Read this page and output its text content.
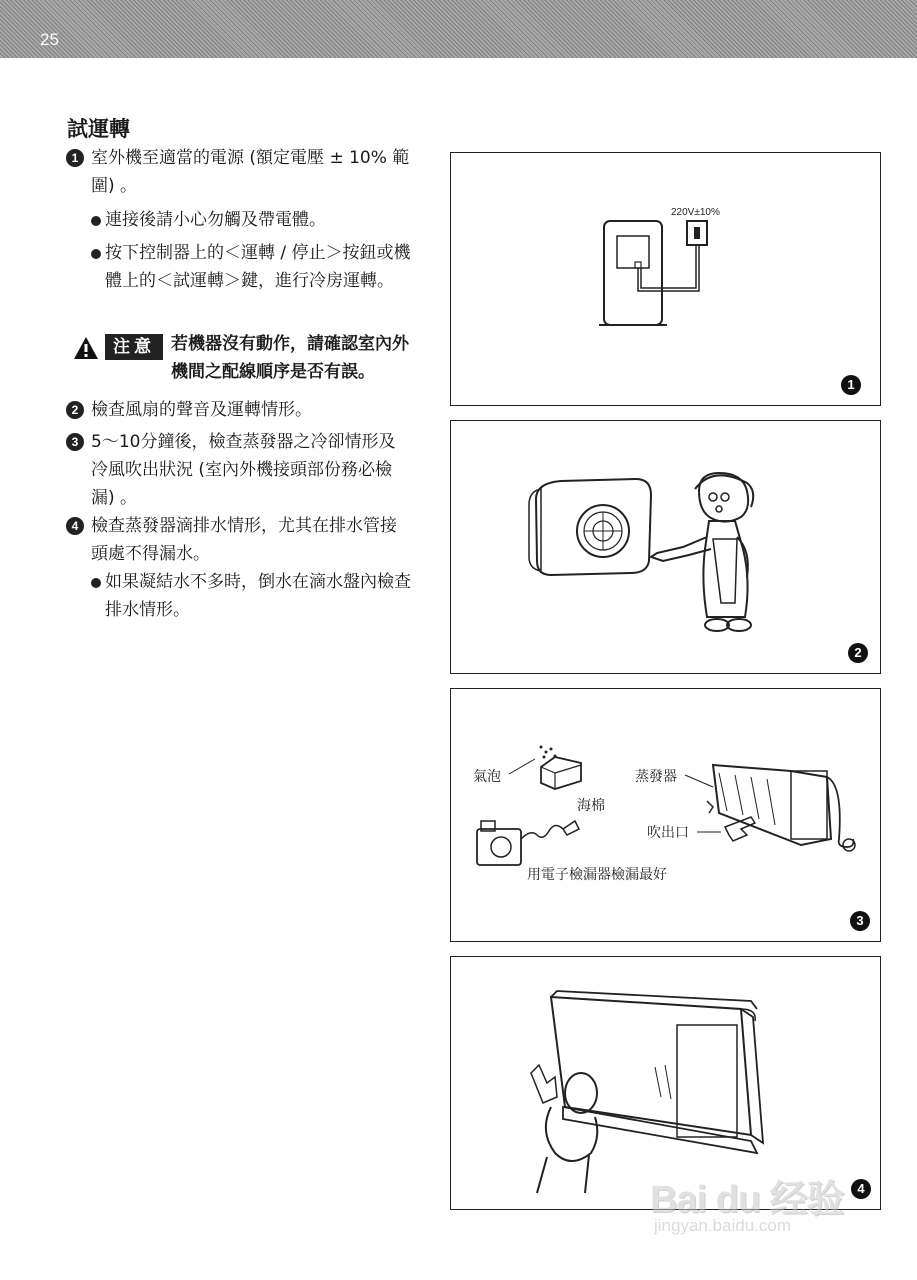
25
試運轉
1 室外機至適當的電源 (額定電壓 ± 10% 範圍) 。
連接後請小心勿觸及帶電體。
按下控制器上的＜運轉 / 停止＞按鈕或機體上的＜試運轉＞鍵，進行冷房運轉。
注意 若機器沒有動作，請確認室內外機間之配線順序是否有誤。
2 檢查風扇的聲音及運轉情形。
3 5～10分鐘後，檢查蒸發器之冷卻情形及冷風吹出狀況 (室內外機接頭部份務必檢漏) 。
4 檢查蒸發器滴排水情形，尤其在排水管接頭處不得漏水。
如果凝結水不多時，倒水在滴水盤內檢查排水情形。
220V±10%
1
2
氣泡
海棉
用電子檢漏器檢漏最好
蒸發器
吹出口
3
4
Bai du 经验
jingyan.baidu.com
